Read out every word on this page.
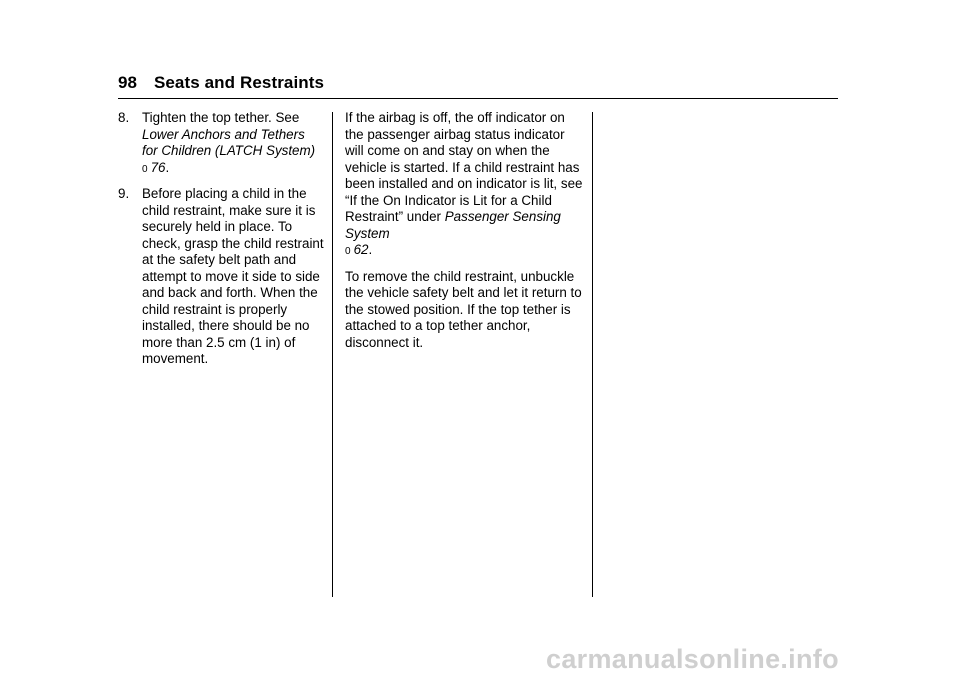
98 Seats and Restraints
8. Tighten the top tether. See Lower Anchors and Tethers for Children (LATCH System)
0 76.
9. Before placing a child in the child restraint, make sure it is securely held in place. To check, grasp the child restraint at the safety belt path and attempt to move it side to side and back and forth. When the child restraint is properly installed, there should be no more than 2.5 cm (1 in) of movement.

If the airbag is off, the off indicator on the passenger airbag status indicator will come on and stay on when the vehicle is started. If a child restraint has been installed and on indicator is lit, see “If the On Indicator is Lit for a Child Restraint” under Passenger Sensing System
0 62.

To remove the child restraint, unbuckle the vehicle safety belt and let it return to the stowed position. If the top tether is attached to a top tether anchor, disconnect it.

carmanualsonline.info
